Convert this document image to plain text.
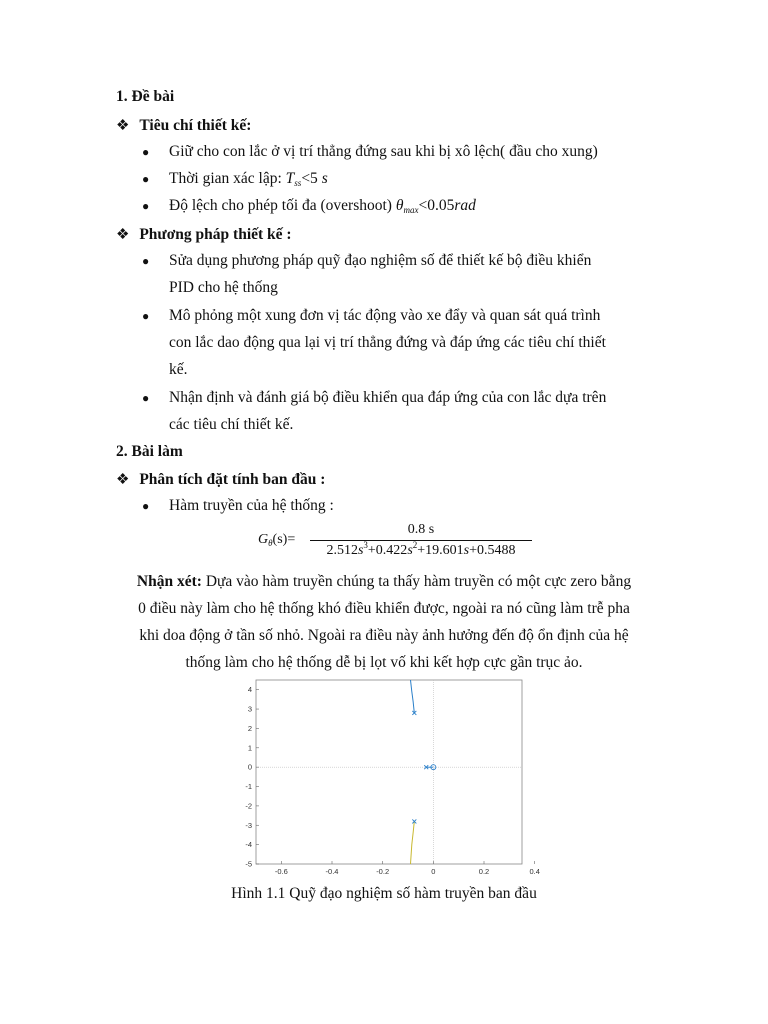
1. Đề bài
❖ Tiêu chí thiết kế:
● Giữ cho con lắc ở vị trí thẳng đứng sau khi bị xô lệch( đầu cho xung)
● Thời gian xác lập: Tss<5 s
● Độ lệch cho phép tối đa (overshoot) θmax<0.05rad
❖ Phương pháp thiết kế :
● Sửa dụng phương pháp quỹ đạo nghiệm số để thiết kế bộ điều khiển
PID cho hệ thống
● Mô phỏng một xung đơn vị tác động vào xe đẩy và quan sát quá trình
con lắc dao động qua lại vị trí thẳng đứng và đáp ứng các tiêu chí thiết
kế.
● Nhận định và đánh giá bộ điều khiển qua đáp ứng của con lắc dựa trên
các tiêu chí thiết kế.
2. Bài làm
❖ Phân tích đặt tính ban đầu :
● Hàm truyền của hệ thống :
$G_\theta(s)=$
0.8 s
$2.512s^3+0.422s^2+19.601s+0.5488$
Nhận xét: Dựa vào hàm truyền chúng ta thấy hàm truyền có một cực zero bằng
0 điều này làm cho hệ thống khó điều khiển được, ngoài ra nó cũng làm trễ pha
khi doa động ở tần số nhỏ. Ngoài ra điều này ảnh hưởng đến độ ổn định của hệ
thống làm cho hệ thống dễ bị lọt vố khi kết hợp cực gần trục ảo.
-0.6	-0.4	-0.2	0	0.2	0.4
4
3
2
1
0
-1
-2
-3
-4
-5
Hình 1.1 Quỹ đạo nghiệm số hàm truyền ban đầu
